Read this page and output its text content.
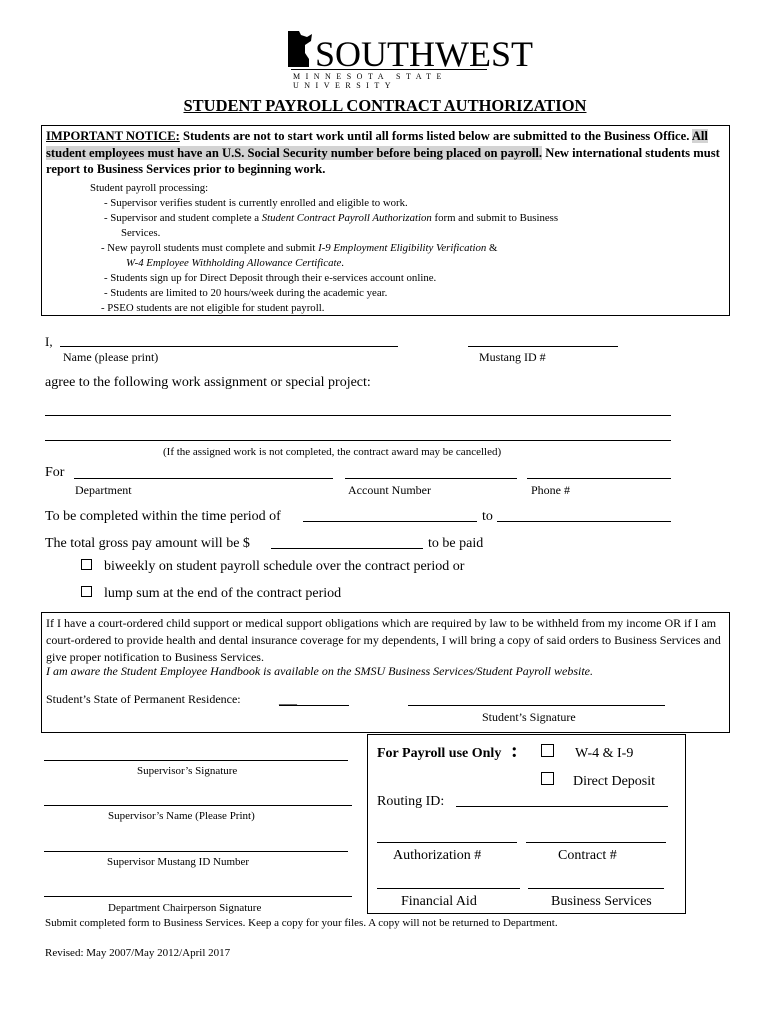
SOUTHWEST
MINNESOTA STATE UNIVERSITY
STUDENT PAYROLL CONTRACT AUTHORIZATION
IMPORTANT NOTICE: Students are not to start work until all forms listed below are submitted to the Business Office. All student employees must have an U.S. Social Security number before being placed on payroll. New international students must report to Business Services prior to beginning work.
Student payroll processing:
- Supervisor verifies student is currently enrolled and eligible to work.
- Supervisor and student complete a Student Contract Payroll Authorization form and submit to Business
Services.
- New payroll students must complete and submit I-9 Employment Eligibility Verification &
W-4 Employee Withholding Allowance Certificate.
- Students sign up for Direct Deposit through their e-services account online.
- Students are limited to 20 hours/week during the academic year.
- PSEO students are not eligible for student payroll.
I,
Name (please print)	Mustang ID #
agree to the following work assignment or special project:
(If the assigned work is not completed, the contract award may be cancelled)
For
Department	Account Number	Phone #
To be completed within the time period of	to
The total gross pay amount will be $	to be paid
biweekly on student payroll schedule over the contract period or
lump sum at the end of the contract period
If I have a court-ordered child support or medical support obligations which are required by law to be withheld from my income OR if I am court-ordered to provide health and dental insurance coverage for my dependents, I will bring a copy of said orders to Business Services and give proper notification to Business Services.
I am aware the Student Employee Handbook is available on the SMSU Business Services/Student Payroll website.
Student’s State of Permanent Residence:	___
Student’s Signature
Supervisor’s Signature
Supervisor’s Name (Please Print)
Supervisor Mustang ID Number
Department Chairperson Signature
For Payroll use Only :	W-4 & I-9
Direct Deposit
Routing ID:
Authorization #	Contract #
Financial Aid	Business Services
Submit completed form to Business Services. Keep a copy for your files. A copy will not be returned to Department.
Revised: May 2007/May 2012/April 2017
